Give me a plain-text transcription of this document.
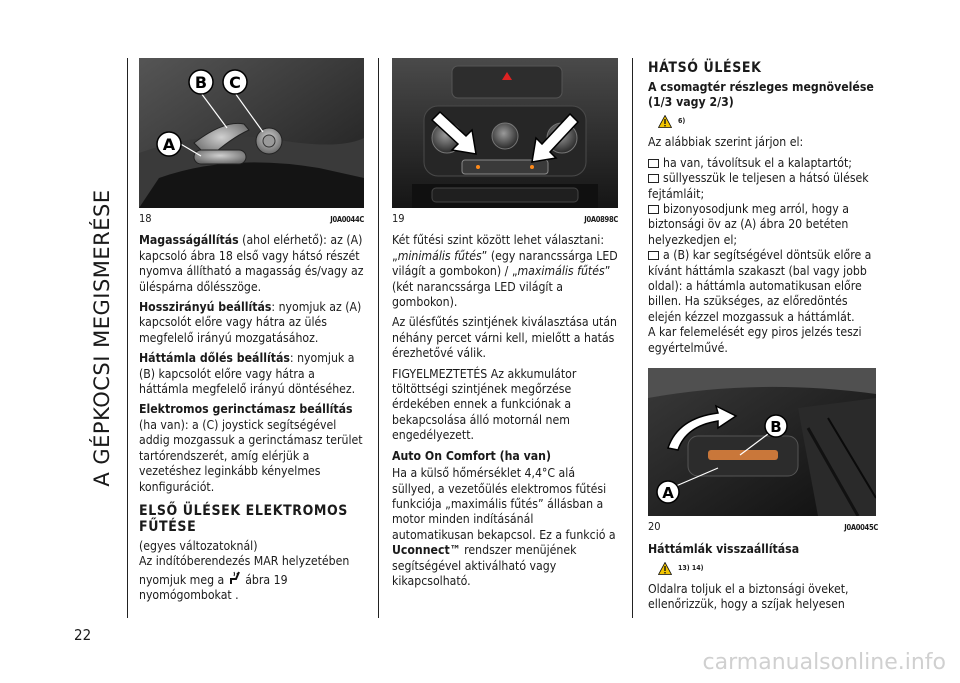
A GÉPKOCSI MEGISMERÉSE
22
B C
A
18	J0A0044C

Magasságállítás (ahol elérhető): az (A) kapcsoló ábra 18 első vagy hátsó részét nyomva állítható a magasság és/vagy az üléspárna dőlésszöge.

Hosszirányú beállítás: nyomjuk az (A) kapcsolót előre vagy hátra az ülés megfelelő irányú mozgatásához.

Háttámla dőlés beállítás: nyomjuk a (B) kapcsolót előre vagy hátra a háttámla megfelelő irányú döntéséhez.

Elektromos gerinctámasz beállítás
(ha van): a (C) joystick segítségével addig mozgassuk a gerinctámasz terület tartórendszerét, amíg elérjük a vezetéshez leginkább kényelmes konfigurációt.

ELSŐ ÜLÉSEK ELEKTROMOS FŰTÉSE

(egyes változatoknál)

Az indítóberendezés MAR helyzetében nyomjuk meg a ábra 19 nyomógombokat .

19	J0A0898C

Két fűtési szint között lehet választani: „minimális fűtés” (egy narancssárga LED világít a gombokon) / „maximális fűtés” (két narancssárga LED világít a gombokon).

Az ülésfűtés szintjének kiválasztása után néhány percet várni kell, mielőtt a hatás érezhetővé válik.

FIGYELMEZTETÉS Az akkumulátor töltöttségi szintjének megőrzése érdekében ennek a funkciónak a bekapcsolása álló motornál nem engedélyezett.

Auto On Comfort (ha van)

Ha a külső hőmérséklet 4,4°C alá süllyed, a vezetőülés elektromos fűtési funkciója „maximális fűtés” állásban a motor minden indításánál automatikusan bekapcsol. Ez a funkció a Uconnect™ rendszer menüjének segítségével aktiválható vagy kikapcsolható.

HÁTSÓ ÜLÉSEK
A csomagtér részleges megnövelése (1/3 vagy 2/3)
6)

Az alábbiak szerint járjon el:

ha van, távolítsuk el a kalaptartót;

süllyesszük le teljesen a hátsó ülések fejtámláit;

bizonyosodjunk meg arról, hogy a biztonsági öv az (A) ábra 20 betéten helyezkedjen el;

a (B) kar segítségével döntsük előre a kívánt háttámla szakaszt (bal vagy jobb oldal): a háttámla automatikusan előre billen. Ha szükséges, az előredöntés elején kézzel mozgassuk a háttámlát.

A kar felemelését egy piros jelzés teszi egyértelművé.

B
A
20	J0A0045C
Háttámlák visszaállítása
13) 14)

Oldalra toljuk el a biztonsági öveket, ellenőrizzük, hogy a szíjak helyesen

carmanualsonline.info
